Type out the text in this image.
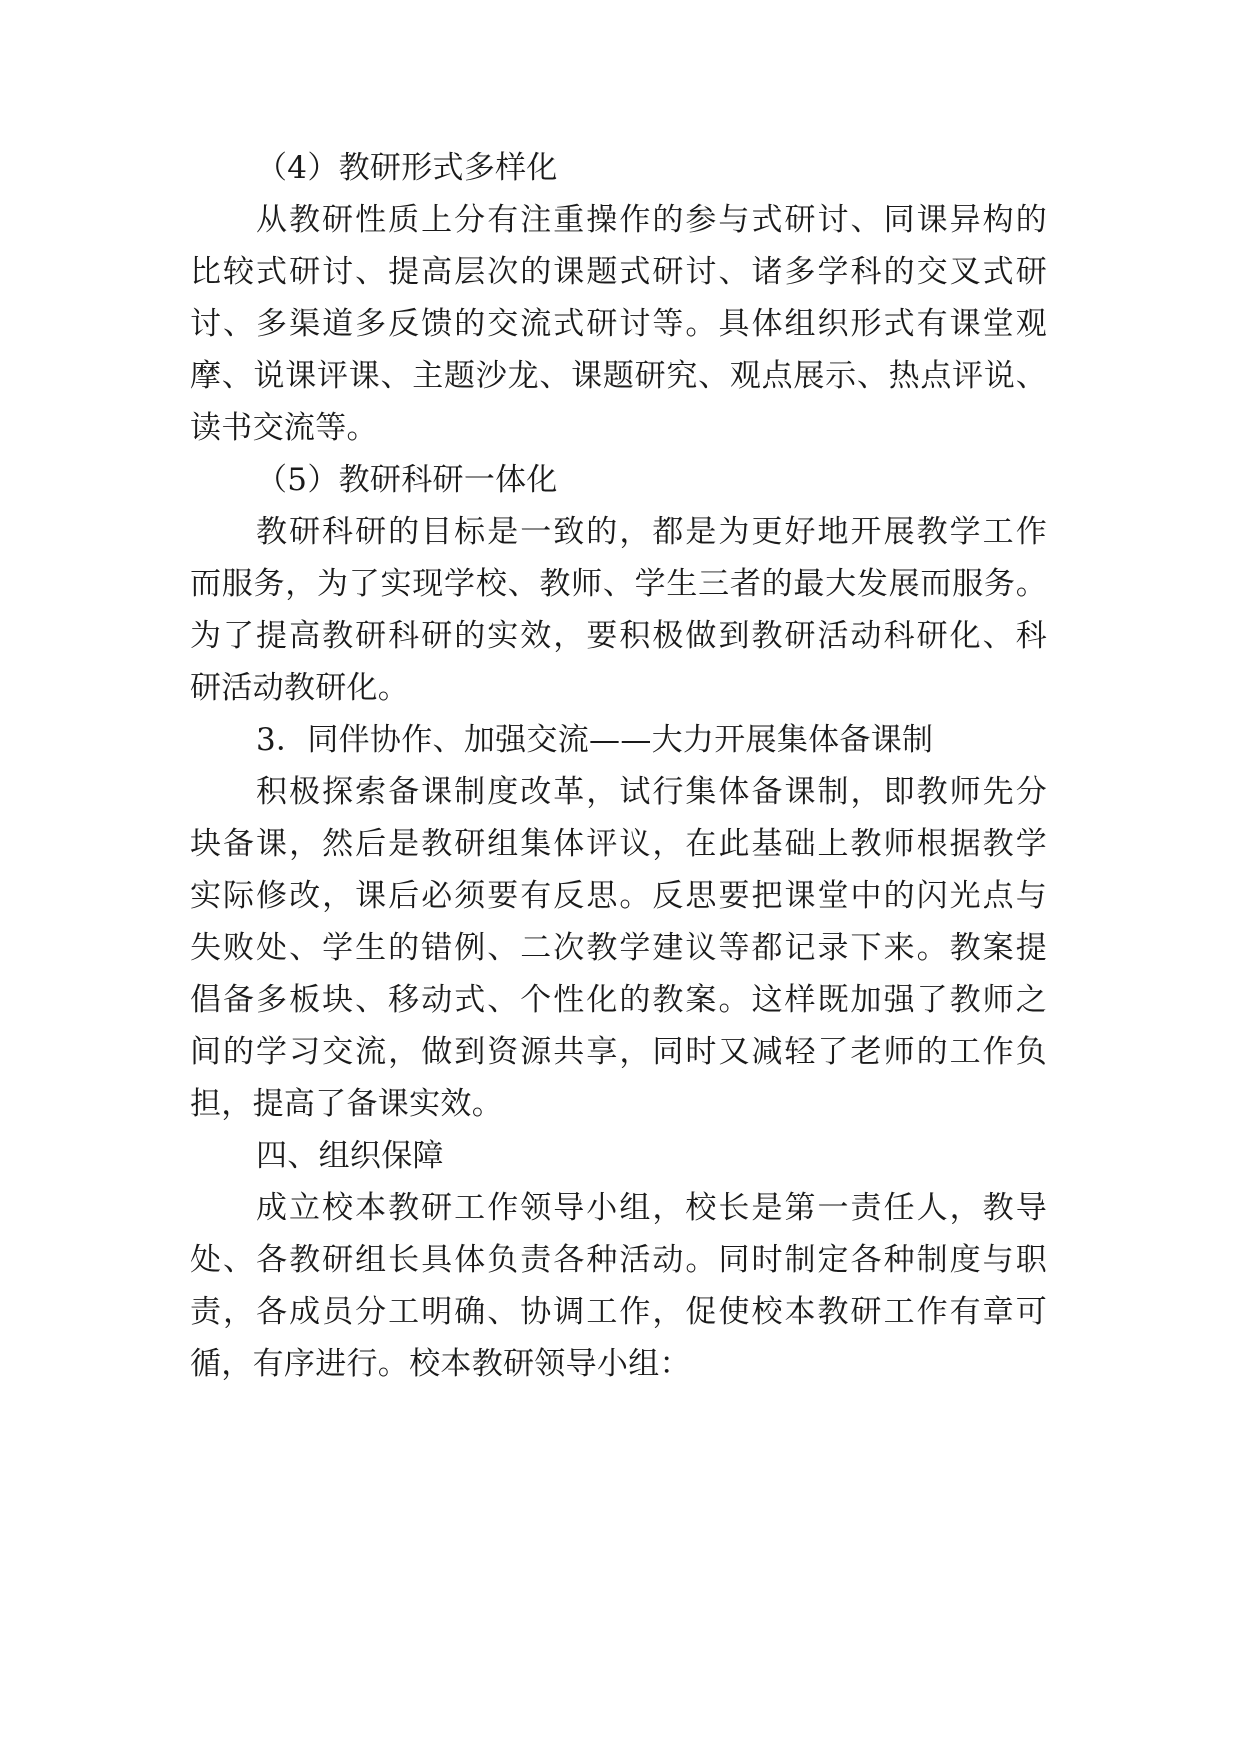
（4）教研形式多样化
从教研性质上分有注重操作的参与式研讨、同课异构的
比较式研讨、提高层次的课题式研讨、诸多学科的交叉式研
讨、多渠道多反馈的交流式研讨等。具体组织形式有课堂观
摩、说课评课、主题沙龙、课题研究、观点展示、热点评说、
读书交流等。
（5）教研科研一体化
教研科研的目标是一致的，都是为更好地开展教学工作
而服务，为了实现学校、教师、学生三者的最大发展而服务。
为了提高教研科研的实效，要积极做到教研活动科研化、科
研活动教研化。
3．同伴协作、加强交流——大力开展集体备课制
积极探索备课制度改革，试行集体备课制，即教师先分
块备课，然后是教研组集体评议，在此基础上教师根据教学
实际修改，课后必须要有反思。反思要把课堂中的闪光点与
失败处、学生的错例、二次教学建议等都记录下来。教案提
倡备多板块、移动式、个性化的教案。这样既加强了教师之
间的学习交流，做到资源共享，同时又减轻了老师的工作负
担，提高了备课实效。
四、组织保障
成立校本教研工作领导小组，校长是第一责任人，教导
处、各教研组长具体负责各种活动。同时制定各种制度与职
责，各成员分工明确、协调工作，促使校本教研工作有章可
循，有序进行。校本教研领导小组：
